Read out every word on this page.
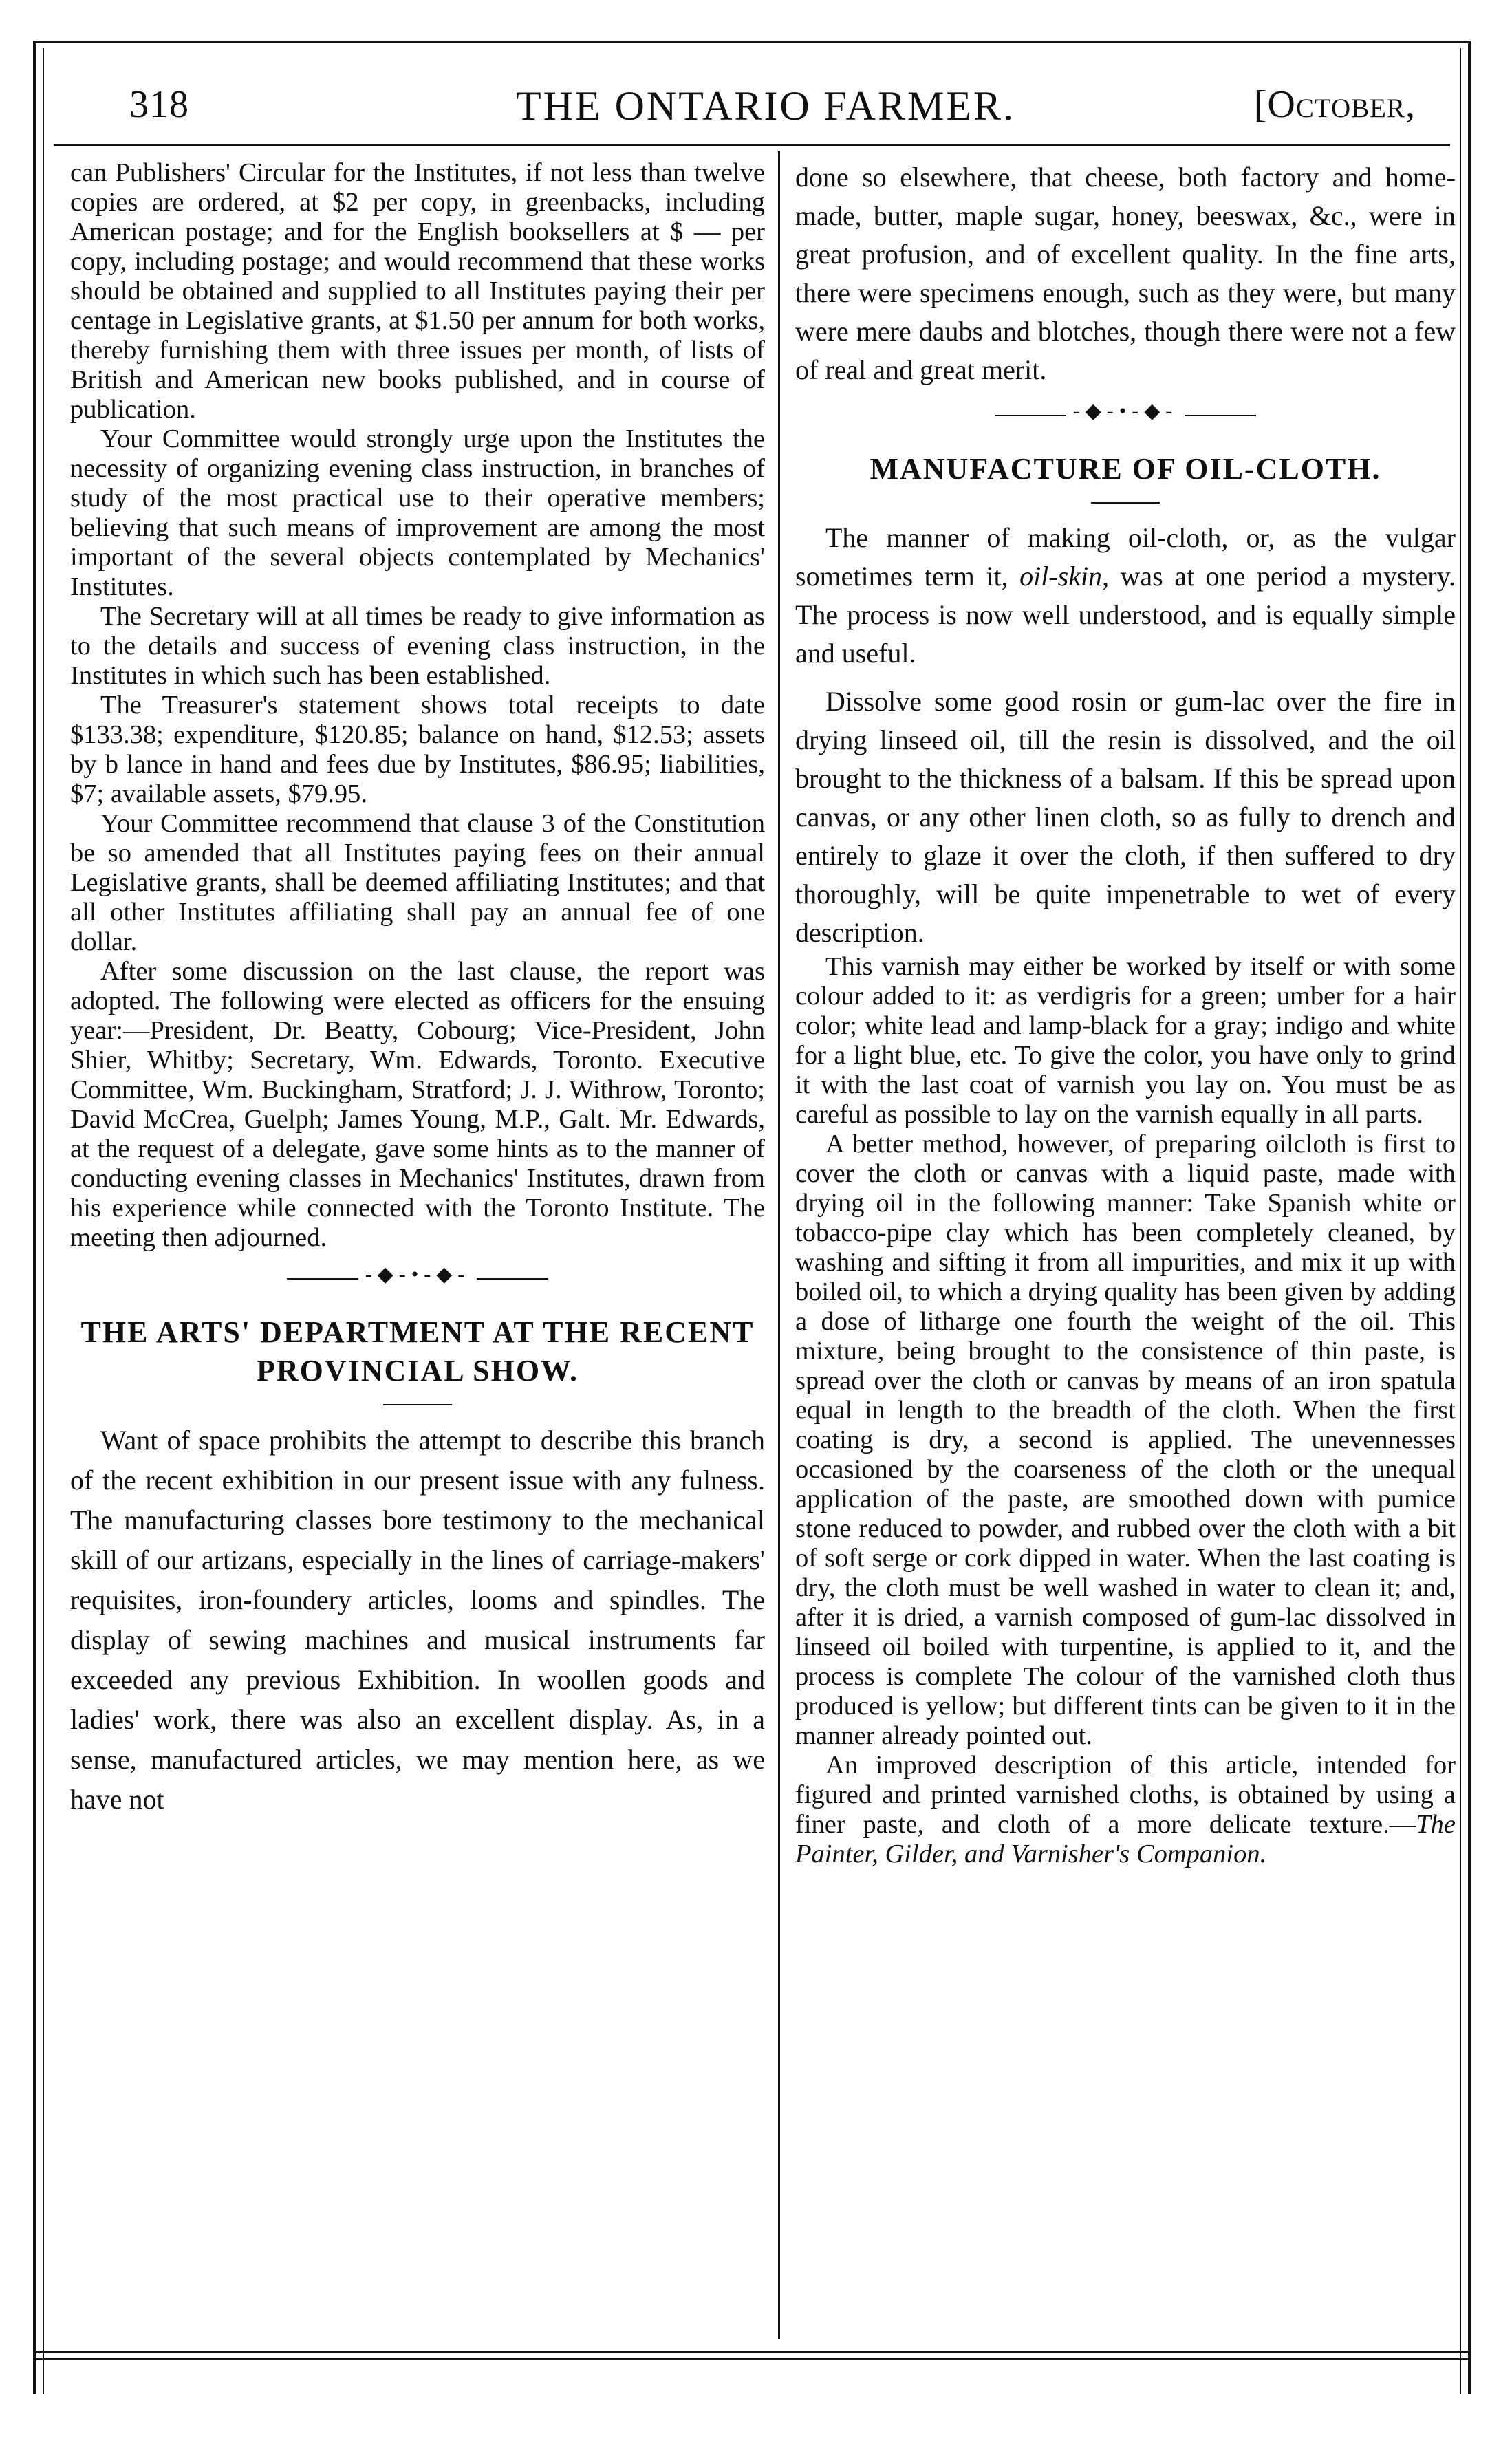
318	THE ONTARIO FARMER.	[October,

can Publishers' Circular for the Institutes, if not less than twelve copies are ordered, at $2 per copy, in greenbacks, including American postage; and for the English booksellers at $ — per copy, including postage; and would recommend that these works should be obtained and supplied to all Institutes paying their per centage in Legislative grants, at $1.50 per annum for both works, thereby furnishing them with three issues per month, of lists of British and American new books published, and in course of publication.

Your Committee would strongly urge upon the Institutes the necessity of organizing evening class instruction, in branches of study of the most practical use to their operative members; believing that such means of improvement are among the most important of the several objects contemplated by Mechanics' Institutes.

The Secretary will at all times be ready to give information as to the details and success of evening class instruction, in the Institutes in which such has been established.

The Treasurer's statement shows total receipts to date $133.38; expenditure, $120.85; balance on hand, $12.53; assets by b lance in hand and fees due by Institutes, $86.95; liabilities, $7; available assets, $79.95.

Your Committee recommend that clause 3 of the Constitution be so amended that all Institutes paying fees on their annual Legislative grants, shall be deemed affiliating Institutes; and that all other Institutes affiliating shall pay an annual fee of one dollar.

After some discussion on the last clause, the report was adopted. The following were elected as officers for the ensuing year:—President, Dr. Beatty, Cobourg; Vice-President, John Shier, Whitby; Secretary, Wm. Edwards, Toronto. Executive Committee, Wm. Buckingham, Stratford; J. J. Withrow, Toronto; David McCrea, Guelph; James Young, M.P., Galt. Mr. Edwards, at the request of a delegate, gave some hints as to the manner of conducting evening classes in Mechanics' Institutes, drawn from his experience while connected with the Toronto Institute. The meeting then adjourned.

-◆-•-◆-
THE ARTS' DEPARTMENT AT THE RECENT PROVINCIAL SHOW.

Want of space prohibits the attempt to describe this branch of the recent exhibition in our present issue with any fulness. The manufacturing classes bore testimony to the mechanical skill of our artizans, especially in the lines of carriage-makers' requisites, iron-foundery articles, looms and spindles. The display of sewing machines and musical instruments far exceeded any previous Exhibition. In woollen goods and ladies' work, there was also an excellent display. As, in a sense, manufactured articles, we may mention here, as we have not

done so elsewhere, that cheese, both factory and home-made, butter, maple sugar, honey, beeswax, &c., were in great profusion, and of excellent quality. In the fine arts, there were specimens enough, such as they were, but many were mere daubs and blotches, though there were not a few of real and great merit.

-◆-•-◆-
MANUFACTURE OF OIL-CLOTH.

The manner of making oil-cloth, or, as the vulgar sometimes term it, oil-skin, was at one period a mystery. The process is now well understood, and is equally simple and useful.

Dissolve some good rosin or gum-lac over the fire in drying linseed oil, till the resin is dissolved, and the oil brought to the thickness of a balsam. If this be spread upon canvas, or any other linen cloth, so as fully to drench and entirely to glaze it over the cloth, if then suffered to dry thoroughly, will be quite impenetrable to wet of every description.

This varnish may either be worked by itself or with some colour added to it: as verdigris for a green; umber for a hair color; white lead and lamp-black for a gray; indigo and white for a light blue, etc. To give the color, you have only to grind it with the last coat of varnish you lay on. You must be as careful as possible to lay on the varnish equally in all parts.

A better method, however, of preparing oilcloth is first to cover the cloth or canvas with a liquid paste, made with drying oil in the following manner: Take Spanish white or tobacco-pipe clay which has been completely cleaned, by washing and sifting it from all impurities, and mix it up with boiled oil, to which a drying quality has been given by adding a dose of litharge one fourth the weight of the oil. This mixture, being brought to the consistence of thin paste, is spread over the cloth or canvas by means of an iron spatula equal in length to the breadth of the cloth. When the first coating is dry, a second is applied. The unevennesses occasioned by the coarseness of the cloth or the unequal application of the paste, are smoothed down with pumice stone reduced to powder, and rubbed over the cloth with a bit of soft serge or cork dipped in water. When the last coating is dry, the cloth must be well washed in water to clean it; and, after it is dried, a varnish composed of gum-lac dissolved in linseed oil boiled with turpentine, is applied to it, and the process is complete The colour of the varnished cloth thus produced is yellow; but different tints can be given to it in the manner already pointed out.

An improved description of this article, intended for figured and printed varnished cloths, is obtained by using a finer paste, and cloth of a more delicate texture.—The Painter, Gilder, and Varnisher's Companion.
